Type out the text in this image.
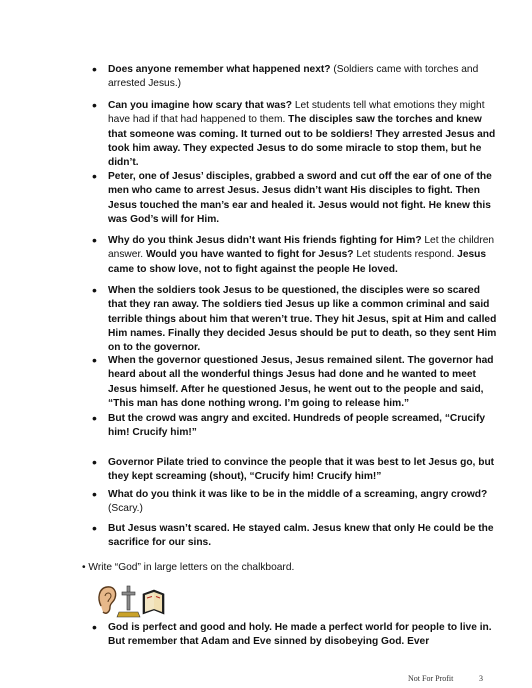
• Does anyone remember what happened next? (Soldiers came with torches and arrested Jesus.)
• Can you imagine how scary that was? Let students tell what emotions they might have had if that had happened to them. The disciples saw the torches and knew that someone was coming. It turned out to be soldiers! They arrested Jesus and took him away. They expected Jesus to do some miracle to stop them, but he didn’t.
• Peter, one of Jesus’ disciples, grabbed a sword and cut off the ear of one of the men who came to arrest Jesus. Jesus didn’t want His disciples to fight. Then Jesus touched the man’s ear and healed it. Jesus would not fight. He knew this was God’s will for Him.
• Why do you think Jesus didn’t want His friends fighting for Him? Let the children answer. Would you have wanted to fight for Jesus? Let students respond. Jesus came to show love, not to fight against the people He loved.
• When the soldiers took Jesus to be questioned, the disciples were so scared that they ran away. The soldiers tied Jesus up like a common criminal and said terrible things about him that weren’t true. They hit Jesus, spit at Him and called Him names. Finally they decided Jesus should be put to death, so they sent Him on to the governor.
• When the governor questioned Jesus, Jesus remained silent. The governor had heard about all the wonderful things Jesus had done and he wanted to meet Jesus himself. After he questioned Jesus, he went out to the people and said, “This man has done nothing wrong. I’m going to release him.”
• But the crowd was angry and excited. Hundreds of people screamed, “Crucify him! Crucify him!”
• Governor Pilate tried to convince the people that it was best to let Jesus go, but they kept screaming (shout), “Crucify him! Crucify him!”
• What do you think it was like to be in the middle of a screaming, angry crowd? (Scary.)
• But Jesus wasn’t scared. He stayed calm. Jesus knew that only He could be the sacrifice for our sins.
• God is perfect and good and holy. He made a perfect world for people to live in. But remember that Adam and Eve sinned by disobeying God. Ever
• Write “God” in large letters on the chalkboard.
Not For Profit	3
